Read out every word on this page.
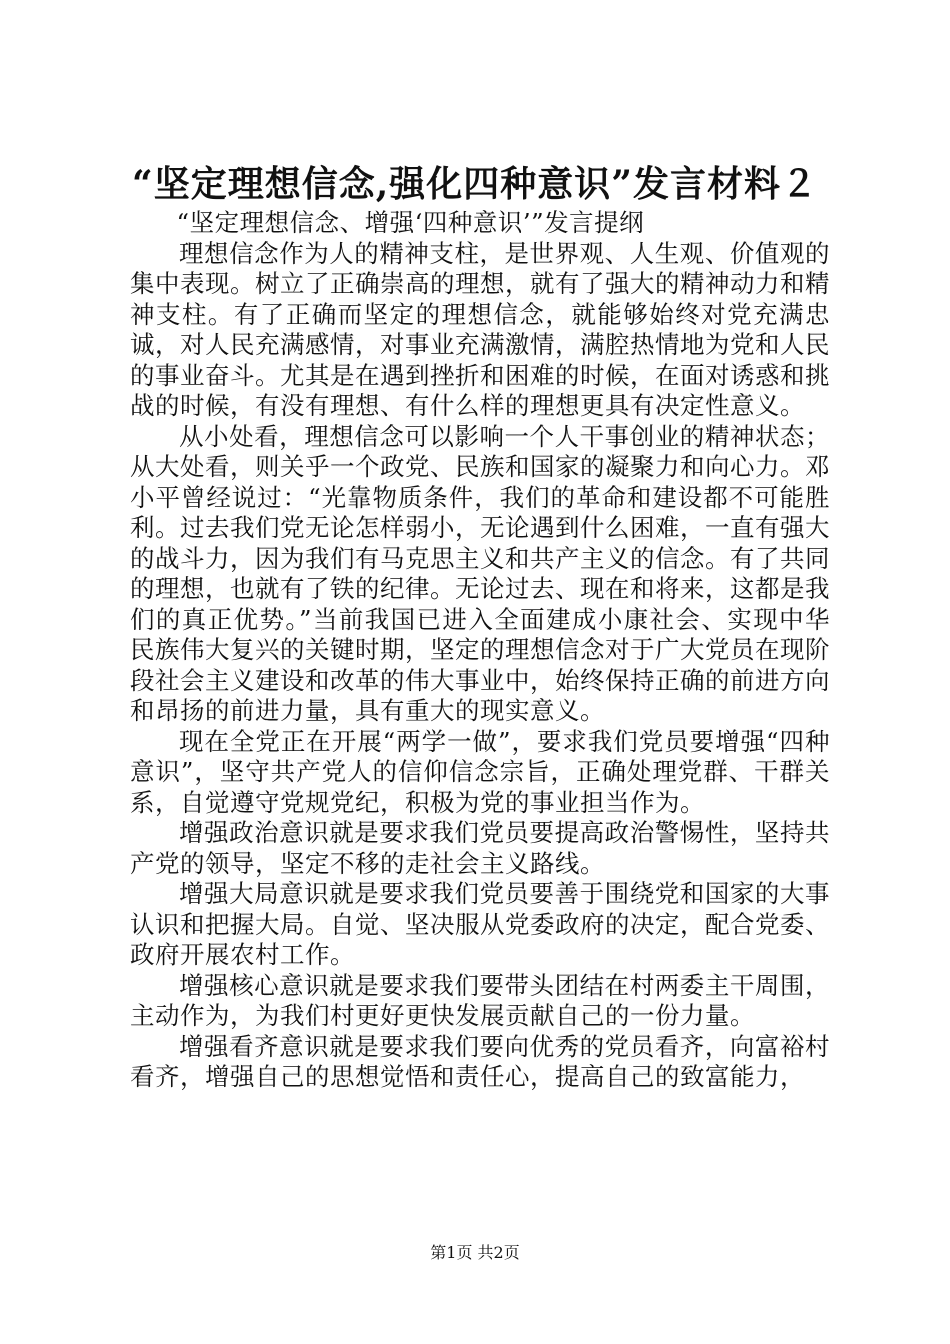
“坚定理想信念,强化四种意识”发言材料２

“坚定理想信念、增强‘四种意识’”发言提纲

理想信念作为人的精神支柱，是世界观、人生观、价值观的集中表现。树立了正确崇高的理想，就有了强大的精神动力和精神支柱。有了正确而坚定的理想信念，就能够始终对党充满忠诚，对人民充满感情，对事业充满激情，满腔热情地为党和人民的事业奋斗。尤其是在遇到挫折和困难的时候，在面对诱惑和挑战的时候，有没有理想、有什么样的理想更具有决定性意义。

从小处看，理想信念可以影响一个人干事创业的精神状态；从大处看，则关乎一个政党、民族和国家的凝聚力和向心力。邓小平曾经说过：“光靠物质条件，我们的革命和建设都不可能胜利。过去我们党无论怎样弱小，无论遇到什么困难，一直有强大的战斗力，因为我们有马克思主义和共产主义的信念。有了共同的理想，也就有了铁的纪律。无论过去、现在和将来，这都是我们的真正优势。”当前我国已进入全面建成小康社会、实现中华民族伟大复兴的关键时期，坚定的理想信念对于广大党员在现阶段社会主义建设和改革的伟大事业中，始终保持正确的前进方向和昂扬的前进力量，具有重大的现实意义。

现在全党正在开展“两学一做”，要求我们党员要增强“四种意识”，坚守共产党人的信仰信念宗旨，正确处理党群、干群关系，自觉遵守党规党纪，积极为党的事业担当作为。

增强政治意识就是要求我们党员要提高政治警惕性，坚持共产党的领导，坚定不移的走社会主义路线。

增强大局意识就是要求我们党员要善于围绕党和国家的大事认识和把握大局。自觉、坚决服从党委政府的决定，配合党委、政府开展农村工作。

增强核心意识就是要求我们要带头团结在村两委主干周围，主动作为，为我们村更好更快发展贡献自己的一份力量。

增强看齐意识就是要求我们要向优秀的党员看齐，向富裕村看齐，增强自己的思想觉悟和责任心，提高自己的致富能力，

第1页 共2页
